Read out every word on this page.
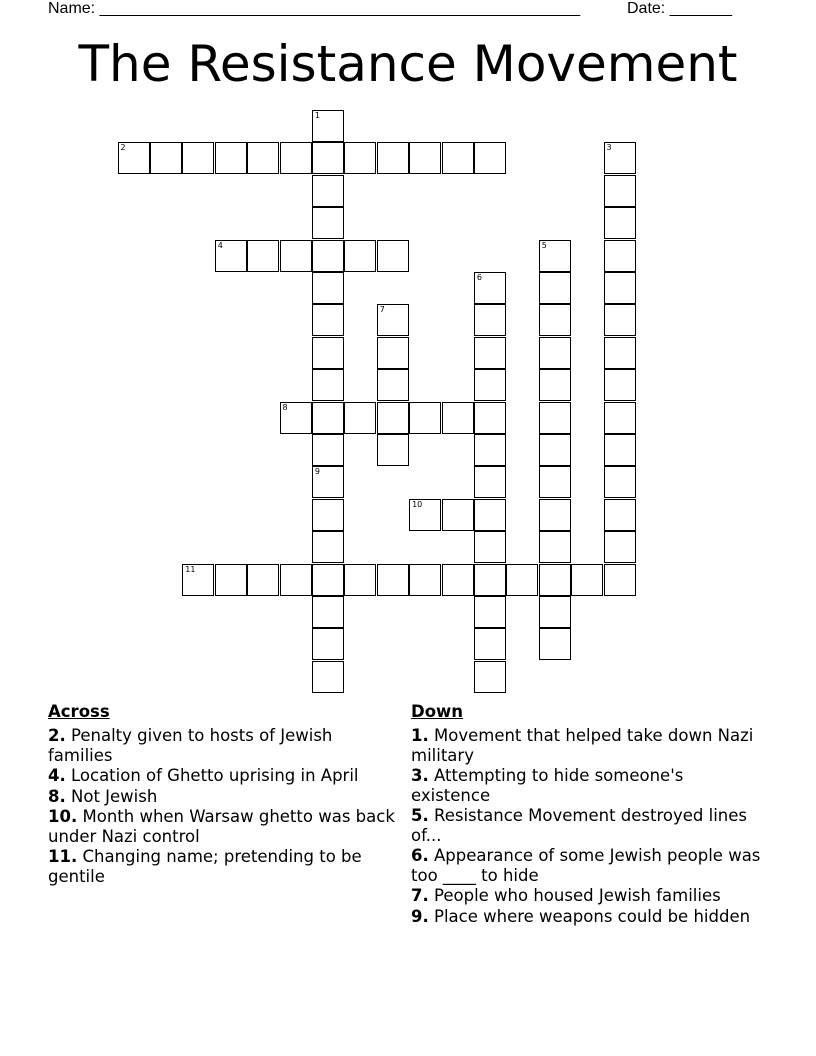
Name: ______________________________________________________	Date: _______
The Resistance Movement
1
9
2	3
4	5
6
7
8
10
11
Across
2. Penalty given to hosts of Jewish families
4. Location of Ghetto uprising in April
8. Not Jewish
10. Month when Warsaw ghetto was back under Nazi control
11. Changing name; pretending to be gentile
Down
1. Movement that helped take down Nazi military
3. Attempting to hide someone's existence
5. Resistance Movement destroyed lines of...
6. Appearance of some Jewish people was too ____ to hide
7. People who housed Jewish families
9. Place where weapons could be hidden
